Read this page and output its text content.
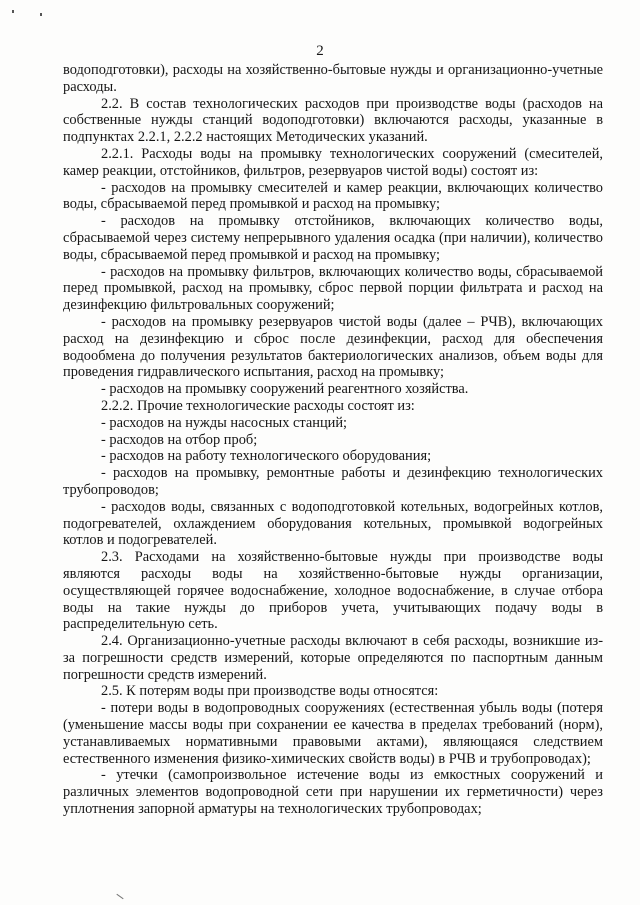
2

водоподготовки), расходы на хозяйственно-бытовые нужды и организационно-учетные расходы.

2.2. В состав технологических расходов при производстве воды (расходов на собственные нужды станций водоподготовки) включаются расходы, указанные в подпунктах 2.2.1, 2.2.2 настоящих Методических указаний.

2.2.1. Расходы воды на промывку технологических сооружений (смесителей, камер реакции, отстойников, фильтров, резервуаров чистой воды) состоят из:

- расходов на промывку смесителей и камер реакции, включающих количество воды, сбрасываемой перед промывкой и расход на промывку;

- расходов на промывку отстойников, включающих количество воды, сбрасываемой через систему непрерывного удаления осадка (при наличии), количество воды, сбрасываемой перед промывкой и расход на промывку;

- расходов на промывку фильтров, включающих количество воды, сбрасываемой перед промывкой, расход на промывку, сброс первой порции фильтрата и расход на дезинфекцию фильтровальных сооружений;

- расходов на промывку резервуаров чистой воды (далее – РЧВ), включающих расход на дезинфекцию и сброс после дезинфекции, расход для обеспечения водообмена до получения результатов бактериологических анализов, объем воды для проведения гидравлического испытания, расход на промывку;

- расходов на промывку сооружений реагентного хозяйства.

2.2.2. Прочие технологические расходы состоят из:

- расходов на нужды насосных станций;

- расходов на отбор проб;

- расходов на работу технологического оборудования;

- расходов на промывку, ремонтные работы и дезинфекцию технологических трубопроводов;

- расходов воды, связанных с водоподготовкой котельных, водогрейных котлов, подогревателей, охлаждением оборудования котельных, промывкой водогрейных котлов и подогревателей.

2.3. Расходами на хозяйственно-бытовые нужды при производстве воды являются расходы воды на хозяйственно-бытовые нужды организации, осуществляющей горячее водоснабжение, холодное водоснабжение, в случае отбора воды на такие нужды до приборов учета, учитывающих подачу воды в распределительную сеть.

2.4. Организационно-учетные расходы включают в себя расходы, возникшие из-за погрешности средств измерений, которые определяются по паспортным данным погрешности средств измерений.

2.5. К потерям воды при производстве воды относятся:

- потери воды в водопроводных сооружениях (естественная убыль воды (потеря (уменьшение массы воды при сохранении ее качества в пределах требований (норм), устанавливаемых нормативными правовыми актами), являющаяся следствием естественного изменения физико-химических свойств воды) в РЧВ и трубопроводах);

- утечки (самопроизвольное истечение воды из емкостных сооружений и различных элементов водопроводной сети при нарушении их герметичности) через уплотнения запорной арматуры на технологических трубопроводах;
